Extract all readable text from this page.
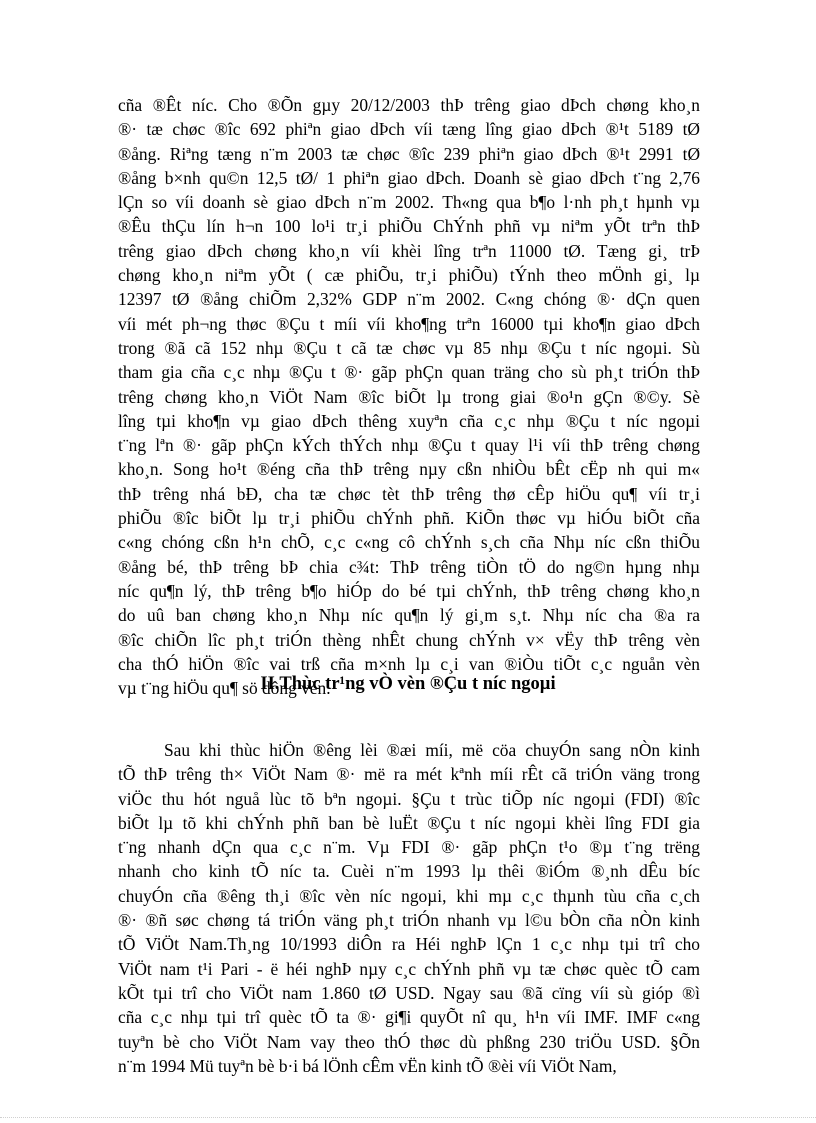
cña ®Êt níc. Cho ®Õn gµy 20/12/2003 thÞ trêng giao dÞch chøng kho¸n
®· tæ chøc ®îc 692 phiªn giao dÞch víi tæng lîng giao dÞch ®¹t 5189 tØ
®ång. Riªng tæng n¨m 2003 tæ chøc ®îc 239 phiªn giao dÞch ®¹t 2991 tØ
®ång b×nh qu©n 12,5 tØ/ 1 phiªn giao dÞch. Doanh sè giao dÞch t¨ng 2,76
lÇn so víi doanh sè giao dÞch n¨m 2002. Th«ng qua b¶o l·nh ph¸t hµnh vµ
®Êu thÇu lín h¬n 100 lo¹i tr¸i phiÕu ChÝnh phñ vµ niªm yÕt trªn thÞ
trêng giao dÞch chøng kho¸n víi khèi lîng trªn 11000 tØ. Tæng gi¸ trÞ
chøng kho¸n niªm yÕt ( cæ phiÕu, tr¸i phiÕu) tÝnh theo mÖnh gi¸ lµ
12397 tØ ®ång chiÕm 2,32% GDP n¨m 2002. C«ng chóng ®· dÇn quen
víi mét ph¬ng thøc ®Çu t míi víi kho¶ng trªn 16000 tµi kho¶n giao dÞch
trong ®ã cã 152 nhµ ®Çu t cã tæ chøc vµ 85 nhµ ®Çu t níc ngoµi. Sù
tham gia cña c¸c nhµ ®Çu t ®· gãp phÇn quan träng cho sù ph¸t triÓn thÞ
trêng chøng kho¸n ViÖt Nam ®îc biÕt lµ trong giai ®o¹n gÇn ®©y. Sè
lîng tµi kho¶n vµ giao dÞch thêng xuyªn cña c¸c nhµ ®Çu t níc ngoµi
t¨ng lªn ®· gãp phÇn kÝch thÝch nhµ ®Çu t quay l¹i víi thÞ trêng chøng
kho¸n. Song ho¹t ®éng cña thÞ trêng nµy cßn nhiÒu bÊt cËp nh qui m«
thÞ trêng nhá bÐ, cha tæ chøc tèt thÞ trêng thø cÊp hiÖu qu¶ víi tr¸i
phiÕu ®îc biÕt lµ tr¸i phiÕu chÝnh phñ. KiÕn thøc vµ hiÓu biÕt cña
c«ng chóng cßn h¹n chÕ, c¸c c«ng cô chÝnh s¸ch cña Nhµ níc cßn thiÕu
®ång bé, thÞ trêng bÞ chia c¾t: ThÞ trêng tiÒn tÖ do ng©n hµng nhµ
níc qu¶n lý, thÞ trêng b¶o hiÓp do bé tµi chÝnh, thÞ trêng chøng kho¸n
do uû ban chøng kho¸n Nhµ níc qu¶n lý gi¸m s¸t. Nhµ níc cha ®a ra
®îc chiÕn lîc ph¸t triÓn thèng nhÊt chung chÝnh v× vËy thÞ trêng vèn
cha thÓ hiÖn ®îc vai trß cña m×nh lµ c¸i van ®iÒu tiÕt c¸c nguån vèn
vµ t¨ng hiÖu qu¶ sö dông vèn.
II.Thùc tr¹ng vÒ vèn ®Çu t níc ngoµi
Sau khi thùc hiÖn ®êng lèi ®æi míi, më cöa chuyÓn sang nÒn kinh
tÕ thÞ trêng th× ViÖt Nam ®· më ra mét kªnh míi rÊt cã triÓn väng trong
viÖc thu hót nguå lùc tõ bªn ngoµi. §Çu t trùc tiÕp níc ngoµi (FDI) ®îc
biÕt lµ tõ khi chÝnh phñ ban bè luËt ®Çu t níc ngoµi khèi lîng FDI gia
t¨ng nhanh dÇn qua c¸c n¨m. Vµ FDI ®· gãp phÇn t¹o ®µ t¨ng trëng
nhanh cho kinh tÕ níc ta. Cuèi n¨m 1993 lµ thêi ®iÓm ®¸nh dÊu bíc
chuyÓn cña ®êng th¸i ®îc vèn níc ngoµi, khi mµ c¸c thµnh tùu cña c¸ch
®· ®ñ søc chøng tá triÓn väng ph¸t triÓn nhanh vµ l©u bÒn cña nÒn kinh
tÕ ViÖt Nam.Th¸ng 10/1993 diÔn ra Héi nghÞ lÇn 1 c¸c nhµ tµi trî cho
ViÖt nam t¹i Pari - ë héi nghÞ nµy c¸c chÝnh phñ vµ tæ chøc quèc tÕ cam
kÕt tµi trî cho ViÖt nam 1.860 tØ USD. Ngay sau ®ã cïng víi sù gióp ®ì
cña c¸c nhµ tµi trî quèc tÕ ta ®· gi¶i quyÕt nî qu¸ h¹n víi IMF. IMF c«ng
tuyªn bè cho ViÖt Nam vay theo thÓ thøc dù phßng 230 triÖu USD. §Õn
n¨m 1994 Mü tuyªn bè b·i bá lÖnh cÊm vËn kinh tÕ ®èi víi ViÖt Nam,
